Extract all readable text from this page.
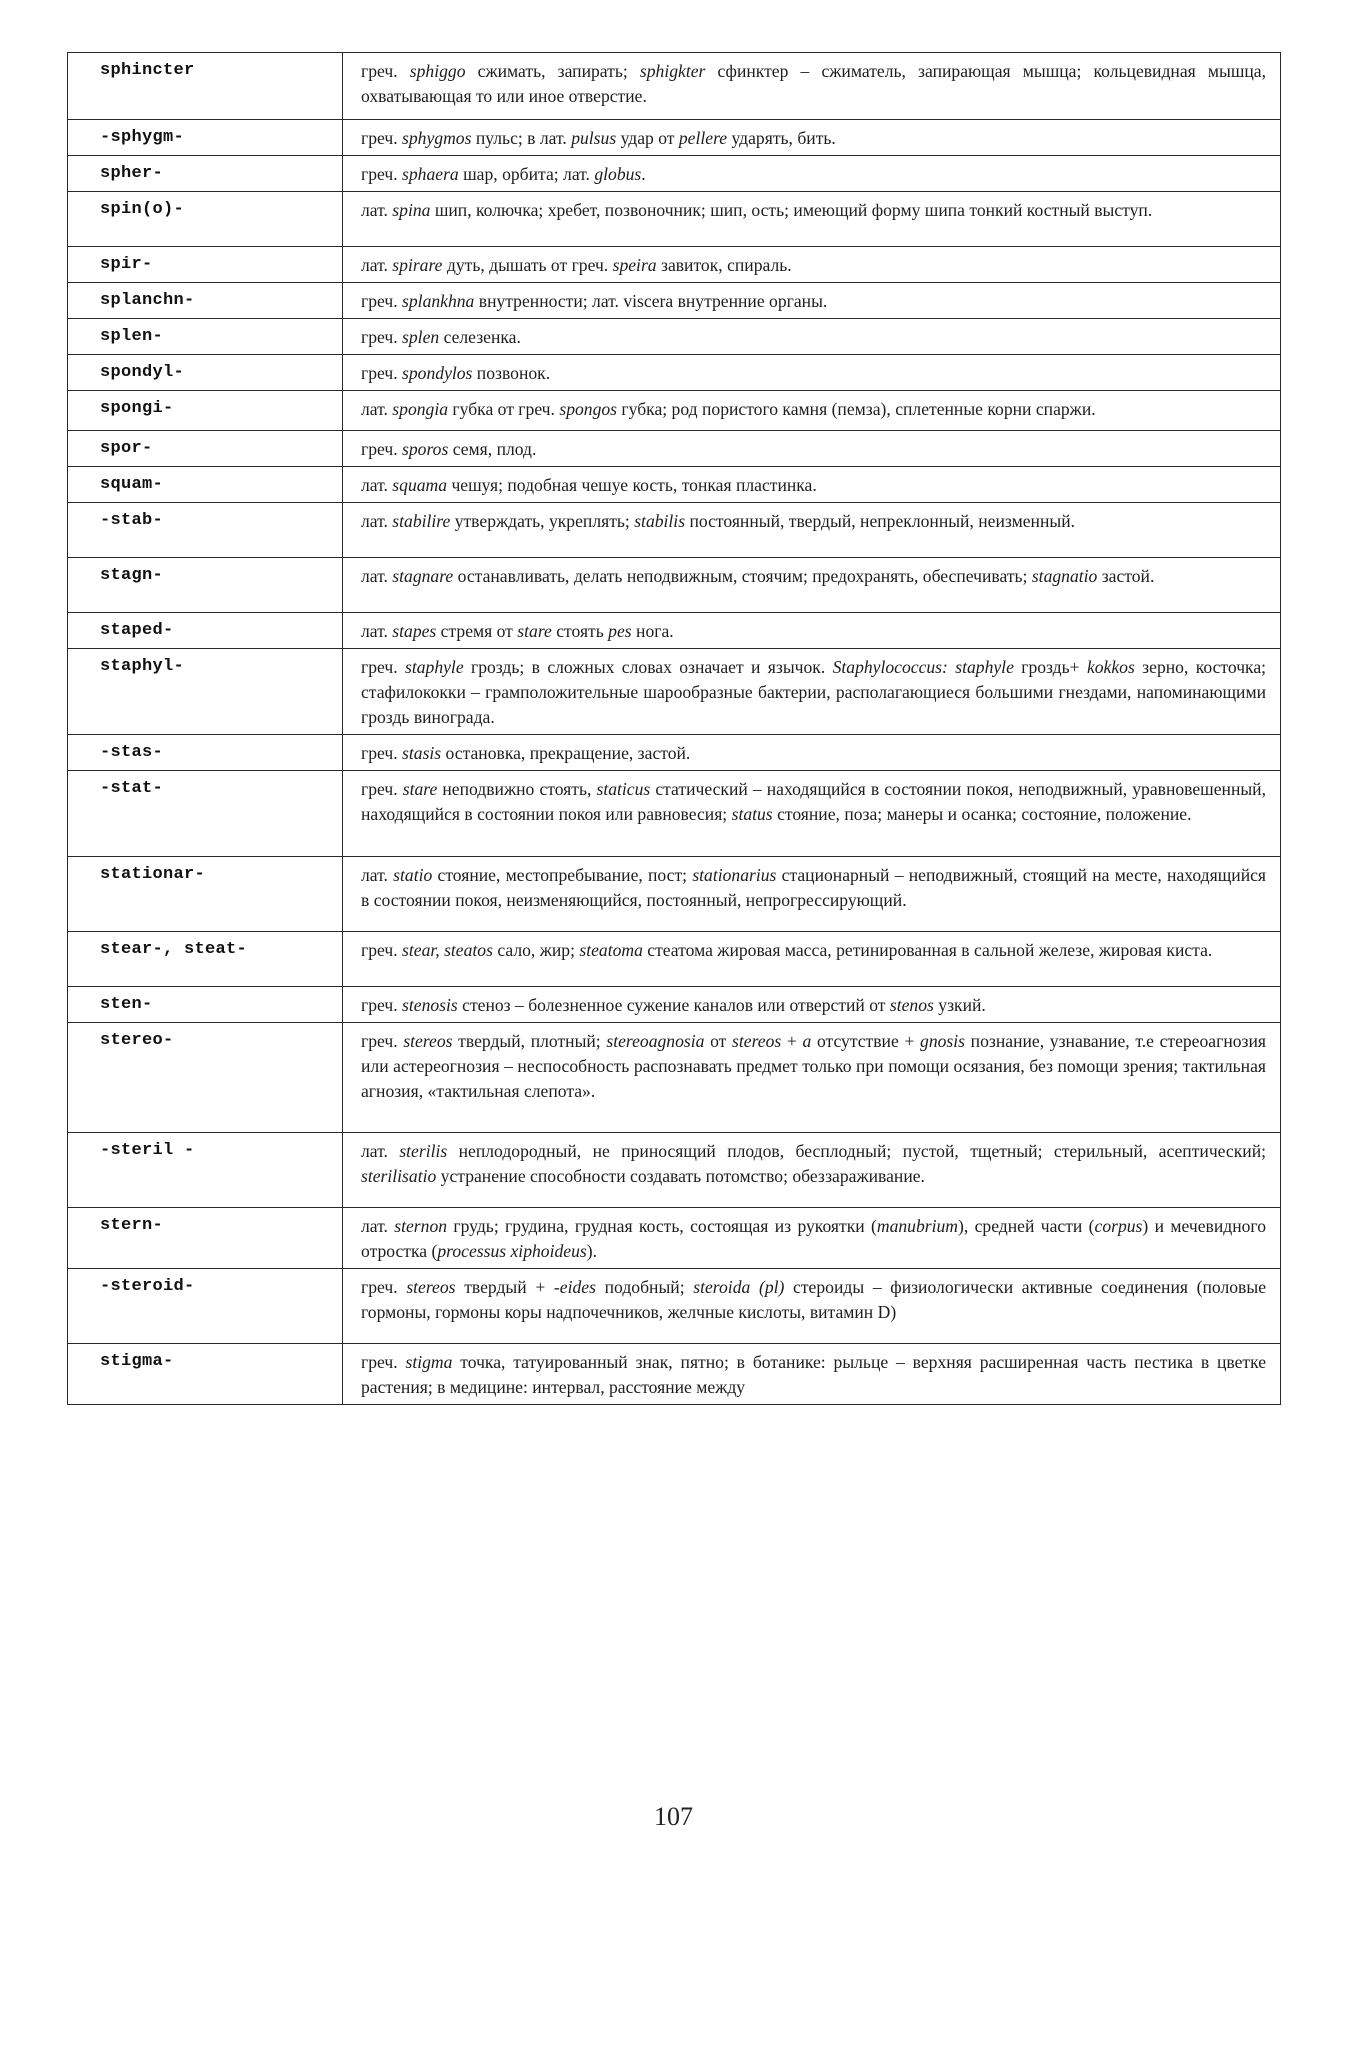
sphincter	греч. sphiggo сжимать, запирать; sphigkter сфинктер – сжиматель, запирающая мышца; кольцевидная мышца, охватывающая то или иное отверстие.
-sphygm-	греч. sphygmos пульс; в лат. pulsus удар от pellere ударять, бить.
spher-	греч. sphaera шар, орбита; лат. globus.
spin(o)-	лат. spina шип, колючка; хребет, позвоночник; шип, ость; имеющий форму шипа тонкий костный выступ.
spir-	лат. spirare дуть, дышать от греч. speira завиток, спираль.
splanchn-	греч. splankhna внутренности; лат. viscera внутренние органы.
splen-	греч. splen селезенка.
spondyl-	греч. spondylos позвонок.
spongi-	лат. spongia губка от греч. spongos губка; род пористого камня (пемза), сплетенные корни спаржи.
spor-	греч. sporos семя, плод.
squam-	лат. squama чешуя; подобная чешуе кость, тонкая пластинка.
-stab-	лат. stabilire утверждать, укреплять; stabilis постоянный, твердый, непреклонный, неизменный.
stagn-	лат. stagnare останавливать, делать неподвижным, стоячим; предохранять, обеспечивать; stagnatio застой.
staped-	лат. stapes стремя от stare стоять pes нога.
staphyl-	греч. staphyle гроздь; в сложных словах означает и язычок. Staphylococcus: staphyle гроздь+ kokkos зерно, косточка; стафилококки – грамположительные шарообразные бактерии, располагающиеся большими гнездами, напоминающими гроздь винограда.
-stas-	греч. stasis остановка, прекращение, застой.
-stat-	греч. stare неподвижно стоять, staticus статический – находящийся в состоянии покоя, неподвижный, уравновешенный, находящийся в состоянии покоя или равновесия; status стояние, поза; манеры и осанка; состояние, положение.
stationar-	лат. statio стояние, местопребывание, пост; stationarius стационарный – неподвижный, стоящий на месте, находящийся в состоянии покоя, неизменяющийся, постоянный, непрогрессирующий.
stear-, steat-	греч. stear, steatos сало, жир; steatoma стеатома жировая масса, ретинированная в сальной железе, жировая киста.
sten-	греч. stenosis стеноз – болезненное сужение каналов или отверстий от stenos узкий.
stereo-	греч. stereos твердый, плотный; stereoagnosia от stereos + a отсутствие + gnosis познание, узнавание, т.е стереоагнозия или астереогнозия – неспособность распознавать предмет только при помощи осязания, без помощи зрения; тактильная агнозия, «тактильная слепота».
-steril -	лат. sterilis неплодородный, не приносящий плодов, бесплодный; пустой, тщетный; стерильный, асептический; sterilisatio устранение способности создавать потомство; обеззараживание.
stern-	лат. sternon грудь; грудина, грудная кость, состоящая из рукоятки (manubrium), средней части (corpus) и мечевидного отростка (processus xiphoideus).
-steroid-	греч. stereos твердый + -eides подобный; steroida (pl) стероиды – физиологически активные соединения (половые гормоны, гормоны коры надпочечников, желчные кислоты, витамин D)
stigma-	греч. stigma точка, татуированный знак, пятно; в ботанике: рыльце – верхняя расширенная часть пестика в цветке растения; в медицине: интервал, расстояние между
107
